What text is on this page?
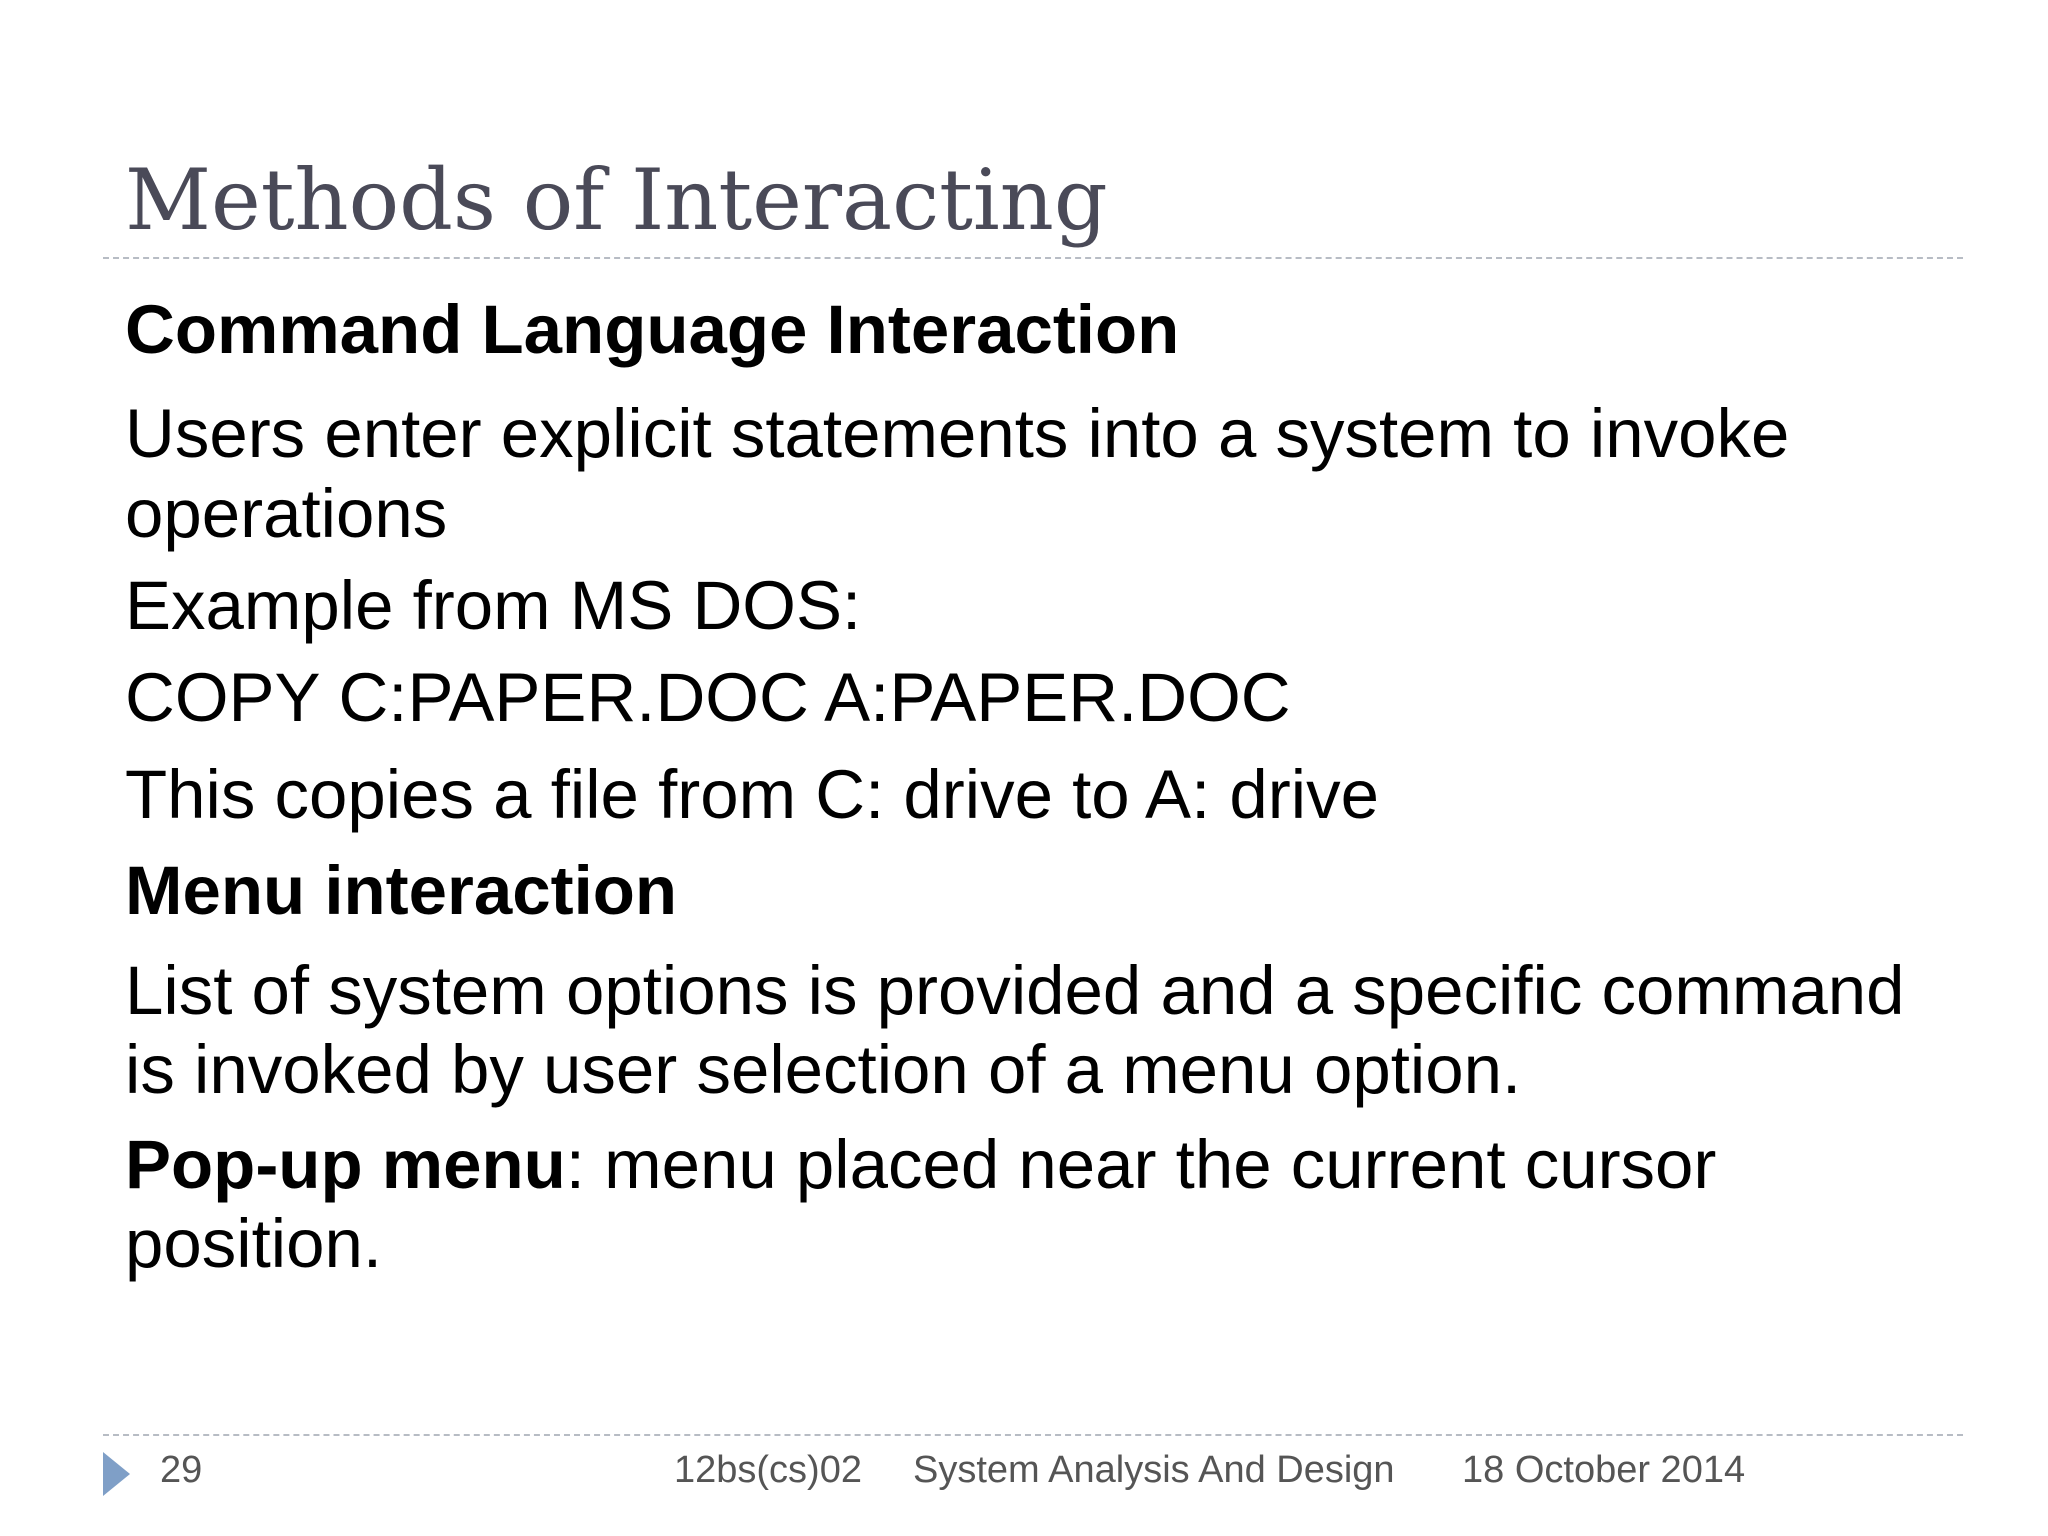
Methods of Interacting

Command Language Interaction

Users enter explicit statements into a system to invoke operations

Example from MS DOS:

COPY C:PAPER.DOC A:PAPER.DOC

This copies a file from C: drive to A: drive

Menu interaction

List of system options is provided and a specific command is invoked by user selection of a menu option.

Pop-up menu: menu placed near the current cursor position.

29	12bs(cs)02 System Analysis And Design 18 October 2014
